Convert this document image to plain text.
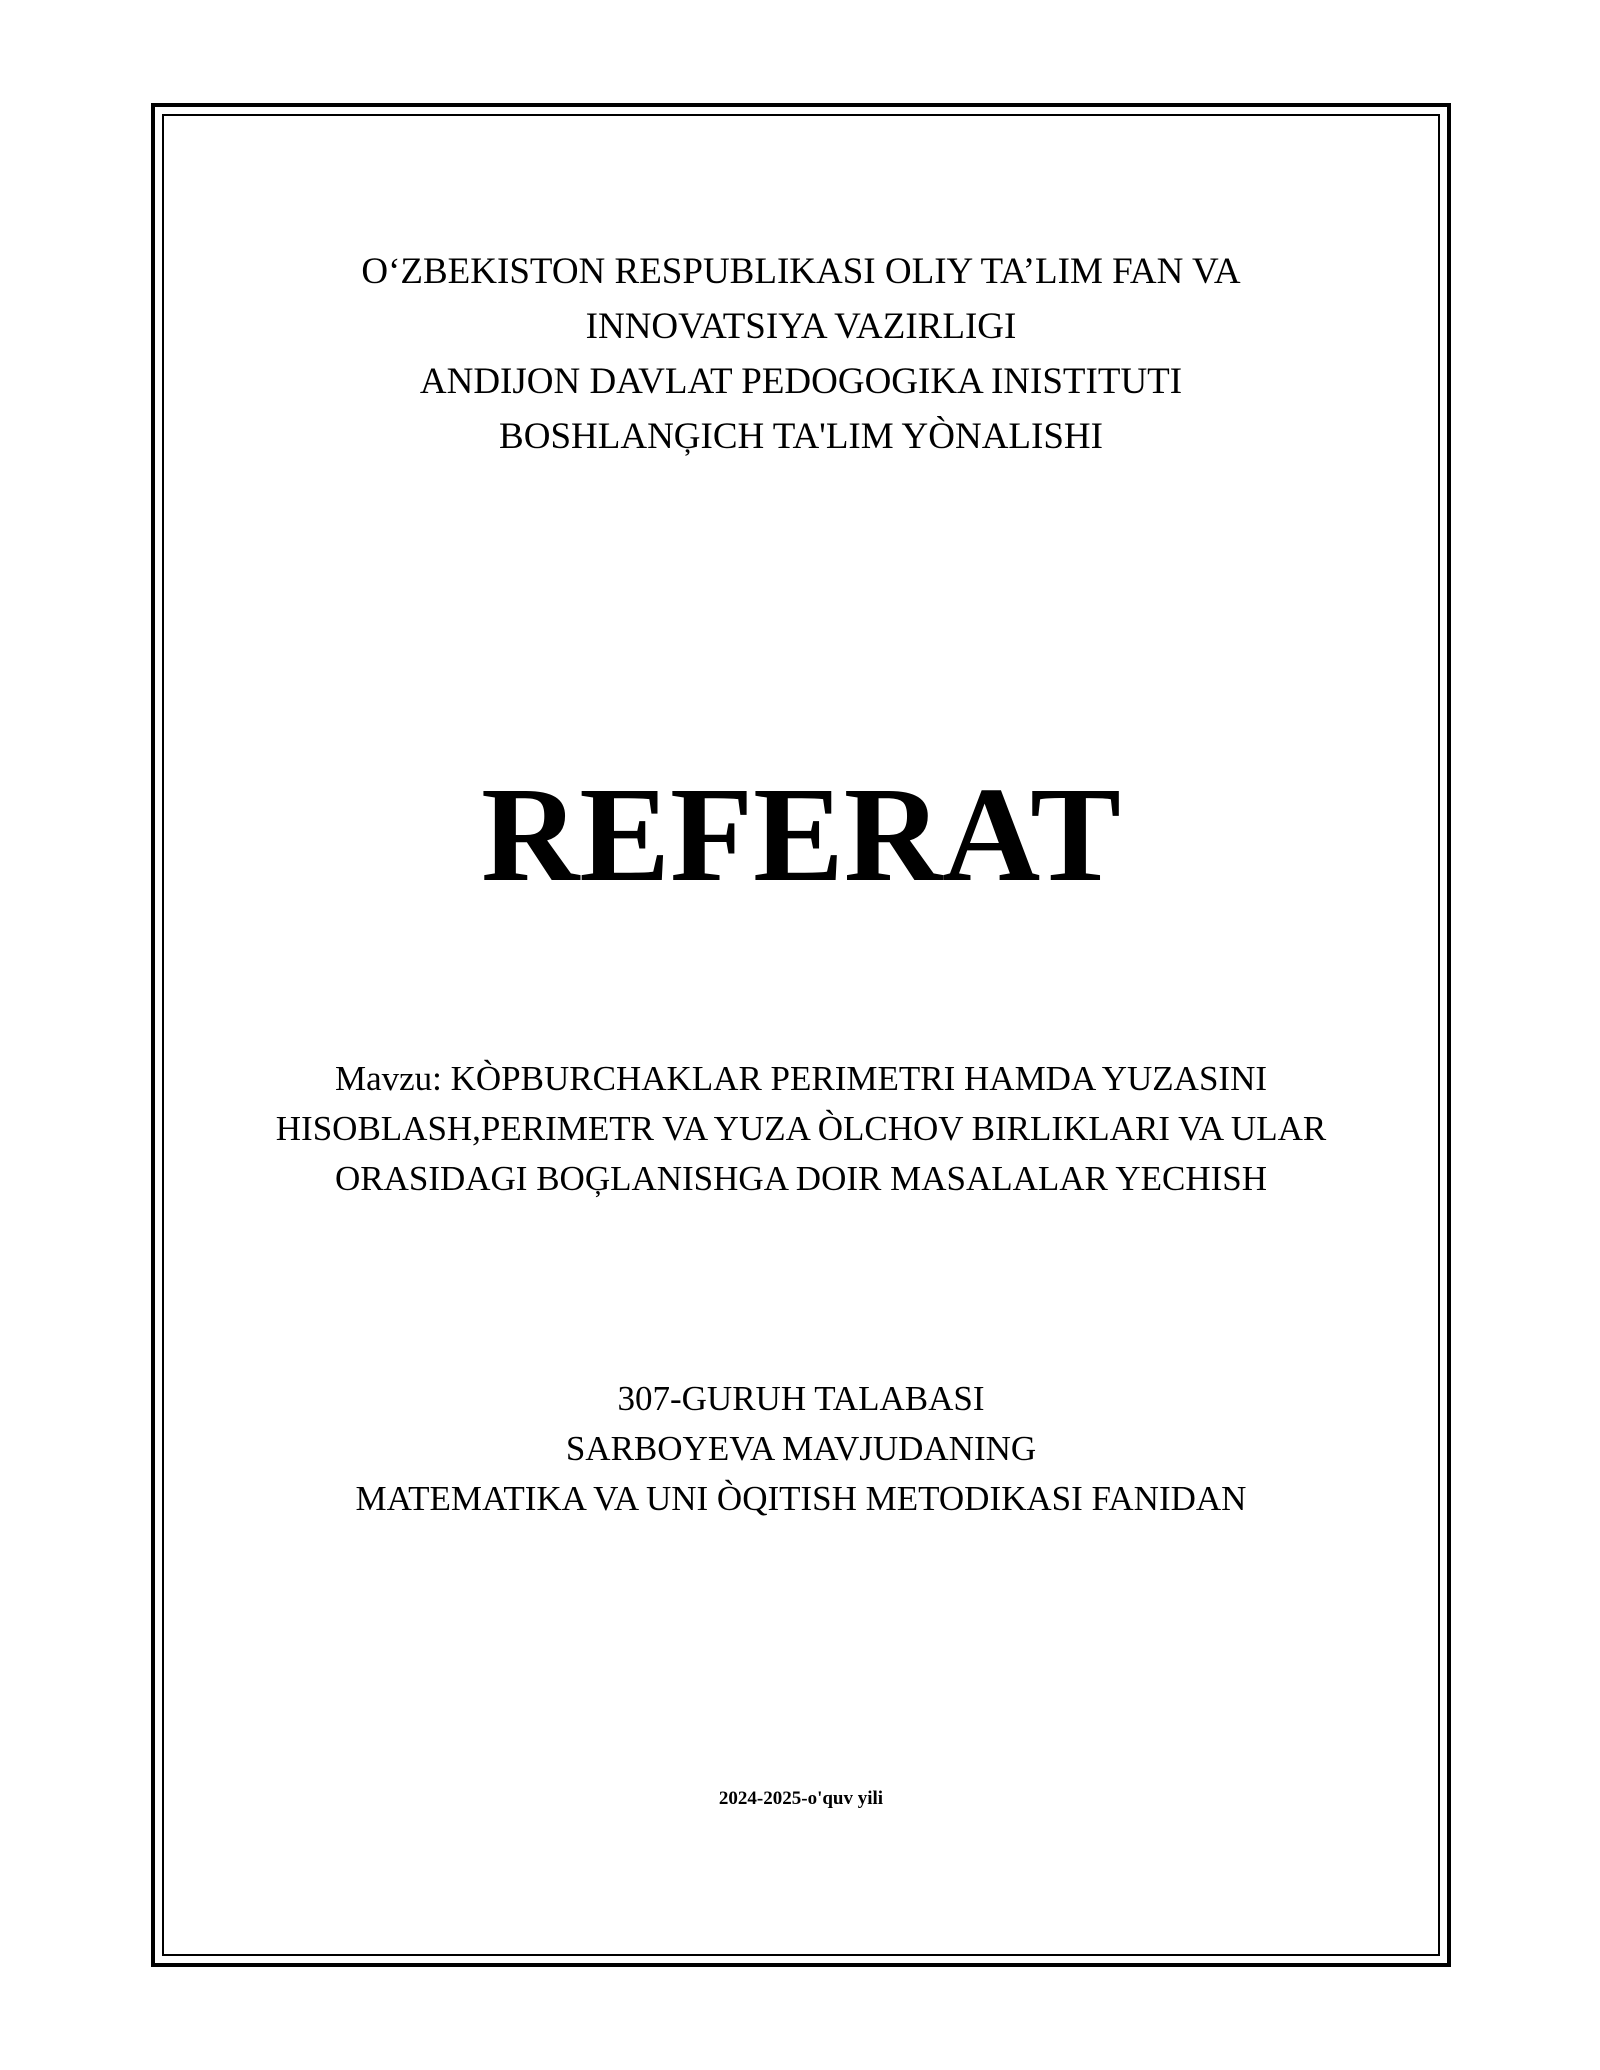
O‘ZBEKISTON RESPUBLIKASI OLIY TA’LIM FAN VA
INNOVATSIYA VAZIRLIGI
ANDIJON DAVLAT PEDOGOGIKA INISTITUTI
BOSHLANĢICH TA'LIM YÒNALISHI
REFERAT
Mavzu: KÒPBURCHAKLAR PERIMETRI HAMDA YUZASINI
HISOBLASH,PERIMETR VA YUZA ÒLCHOV BIRLIKLARI VA ULAR
ORASIDAGI BOĢLANISHGA DOIR MASALALAR YECHISH
307-GURUH TALABASI
SARBOYEVA MAVJUDANING
MATEMATIKA VA UNI ÒQITISH METODIKASI FANIDAN
2024-2025-o'quv yili
